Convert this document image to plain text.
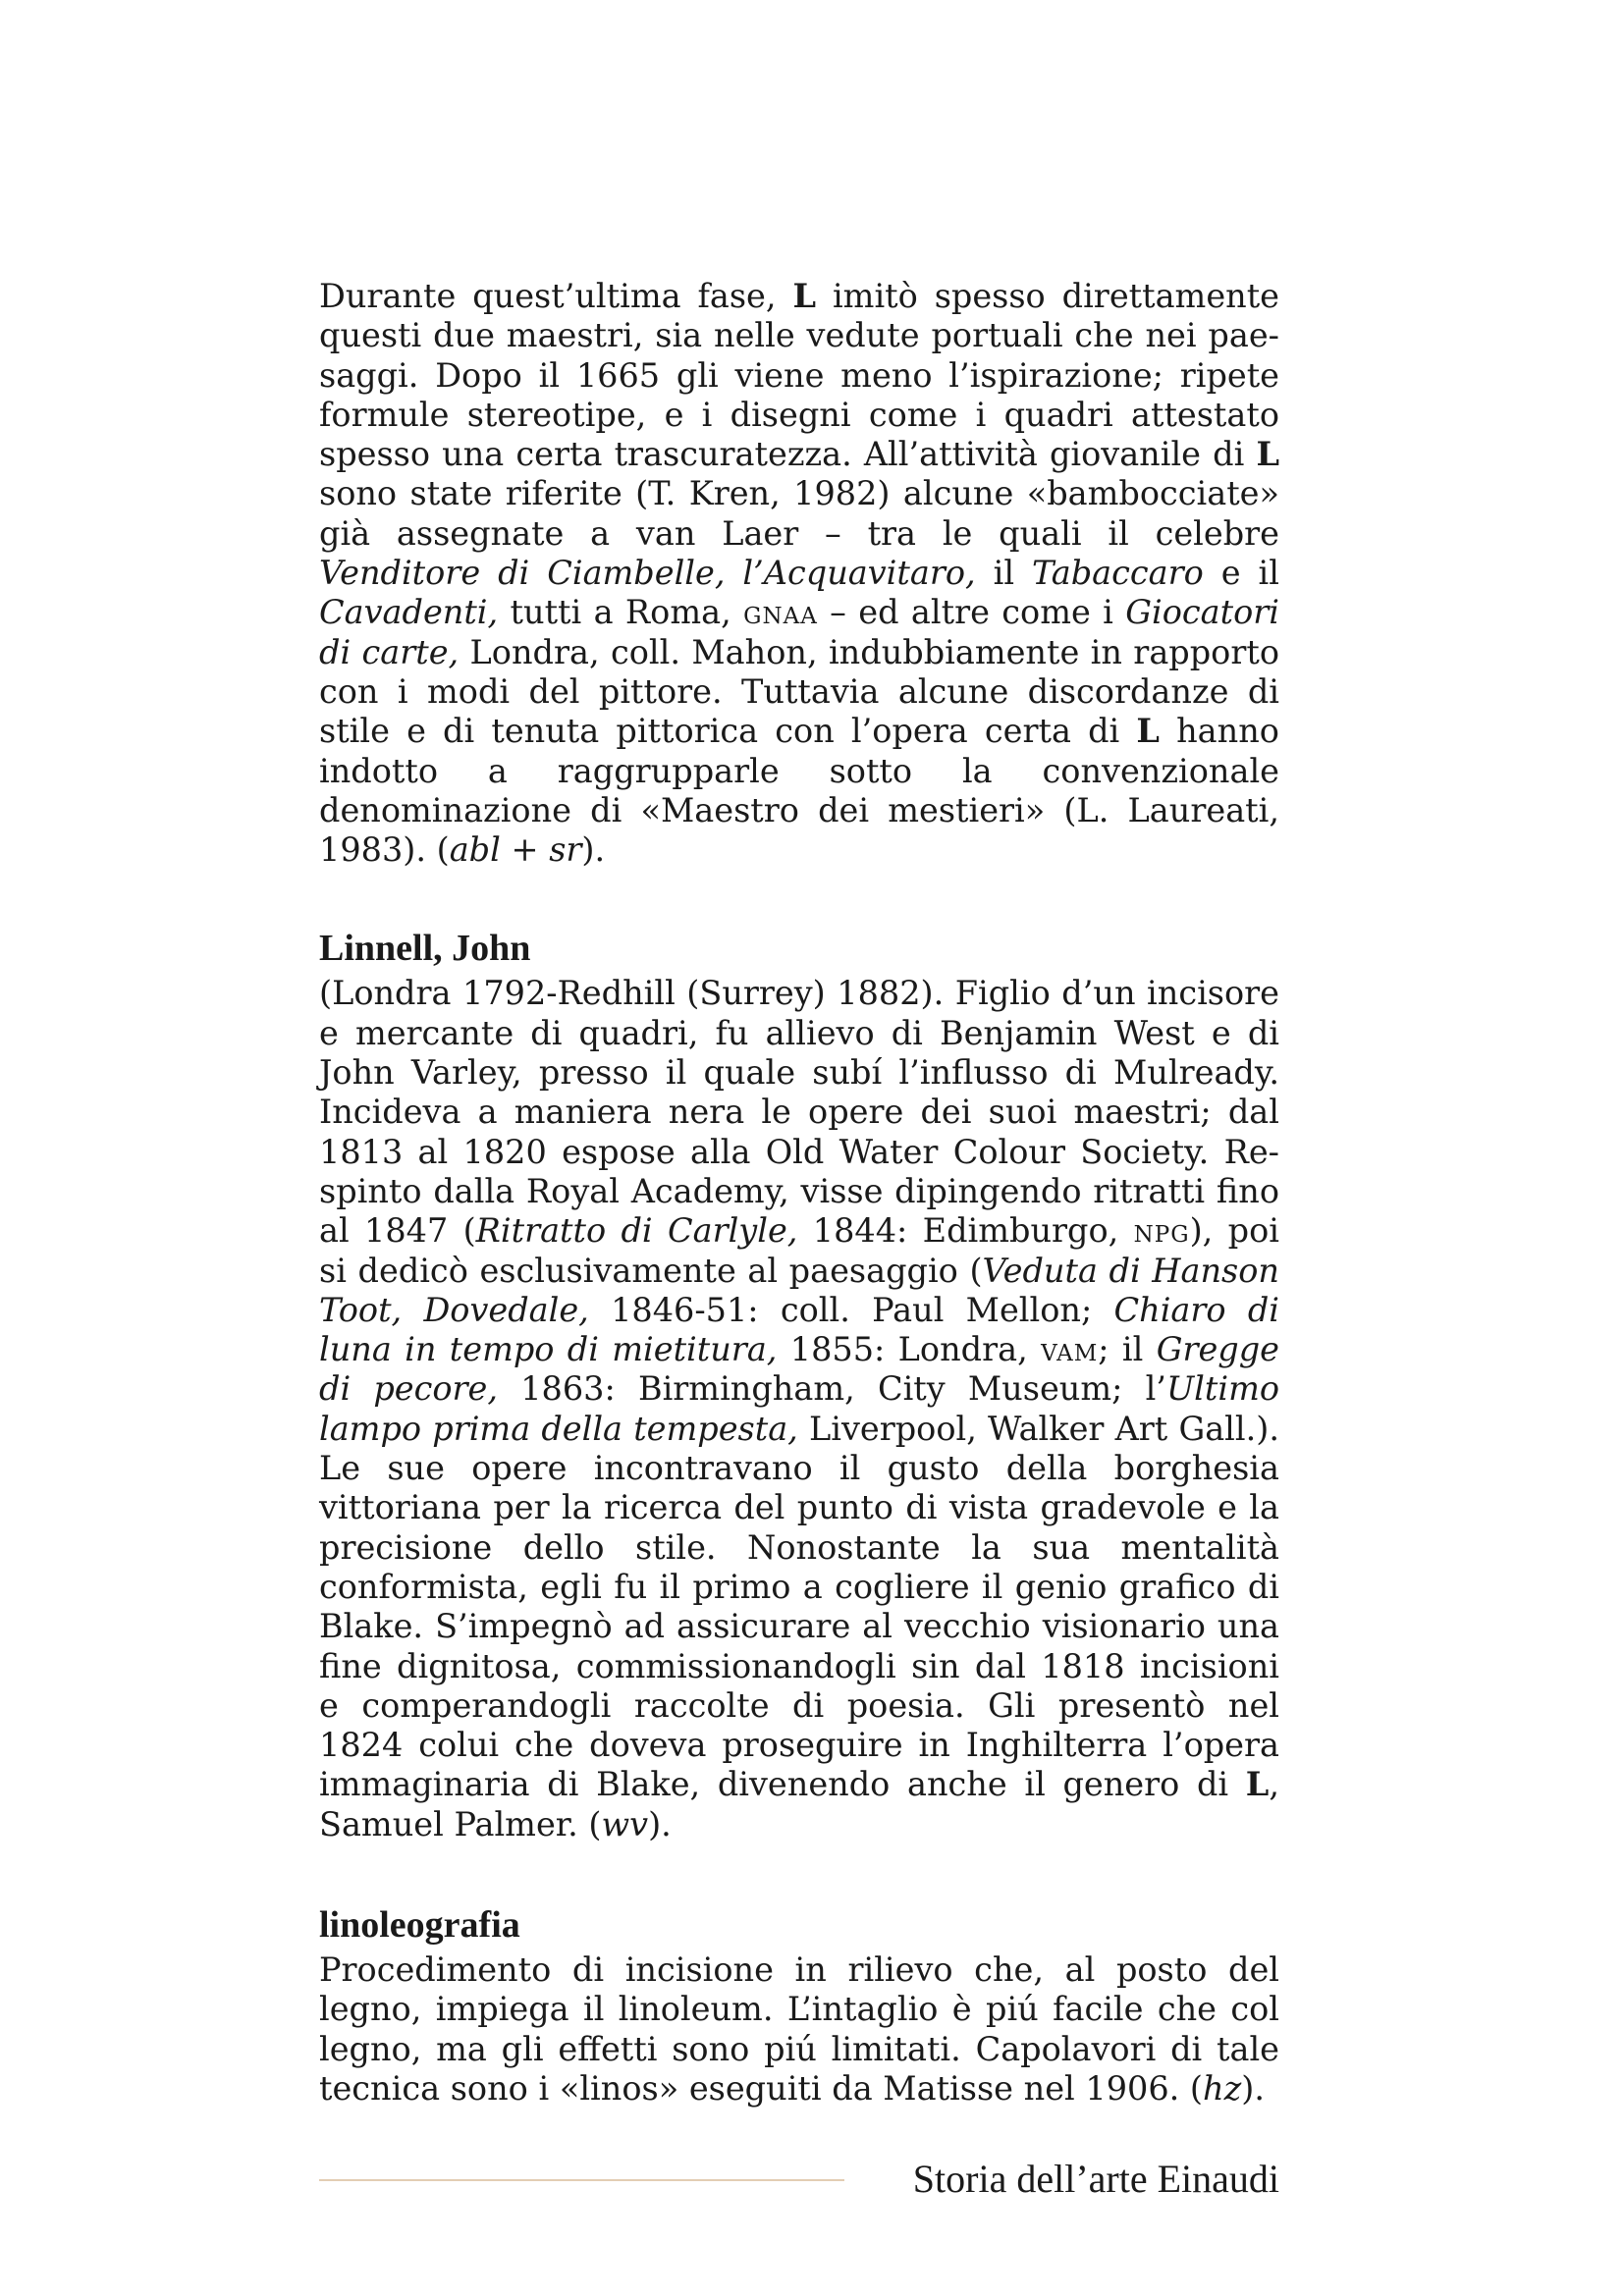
Durante quest’ultima fase, L imitò spesso direttamente questi due maestri, sia nelle vedute portuali che nei paesaggi. Dopo il 1665 gli viene meno l’ispirazione; ripete formule stereotipe, e i disegni come i quadri attestato spesso una certa trascuratezza. All’attività giovanile di L sono state riferite (T. Kren, 1982) alcune «bambocciate» già assegnate a van Laer – tra le quali il celebre Venditore di Ciambelle, l’Acquavitaro, il Tabaccaro e il Cavadenti, tutti a Roma, gnaa – ed altre come i Giocatori di carte, Londra, coll. Mahon, indubbiamente in rapporto con i modi del pittore. Tuttavia alcune discordanze di stile e di tenuta pittorica con l’opera certa di L hanno indotto a raggrupparle sotto la convenzionale denominazione di «Maestro dei mestieri» (L. Laureati, 1983). (abl + sr).

Linnell, John

(Londra 1792-Redhill (Surrey) 1882). Figlio d’un incisore e mercante di quadri, fu allievo di Benjamin West e di John Varley, presso il quale subí l’influsso di Mulready. Incideva a maniera nera le opere dei suoi maestri; dal 1813 al 1820 espose alla Old Water Colour Society. Respinto dalla Royal Academy, visse dipingendo ritratti fino al 1847 (Ritratto di Carlyle, 1844: Edimburgo, npg), poi si dedicò esclusivamente al paesaggio (Veduta di Hanson Toot, Dovedale, 1846-51: coll. Paul Mellon; Chiaro di luna in tempo di mietitura, 1855: Londra, vam; il Gregge di pecore, 1863: Birmingham, City Museum; l’Ultimo lampo prima della tempesta, Liverpool, Walker Art Gall.). Le sue opere incontravano il gusto della borghesia vittoriana per la ricerca del punto di vista gradevole e la precisione dello stile. Nonostante la sua mentalità conformista, egli fu il primo a cogliere il genio grafico di Blake. S’impegnò ad assicurare al vecchio visionario una fine dignitosa, commissionandogli sin dal 1818 incisioni e comperandogli raccolte di poesia. Gli presentò nel 1824 colui che doveva proseguire in Inghilterra l’opera immaginaria di Blake, divenendo anche il genero di L, Samuel Palmer. (wv).

linoleografia

Procedimento di incisione in rilievo che, al posto del legno, impiega il linoleum. L’intaglio è piú facile che col legno, ma gli effetti sono piú limitati. Capolavori di tale tecnica sono i «linos» eseguiti da Matisse nel 1906. (hz).

Storia dell’arte Einaudi
